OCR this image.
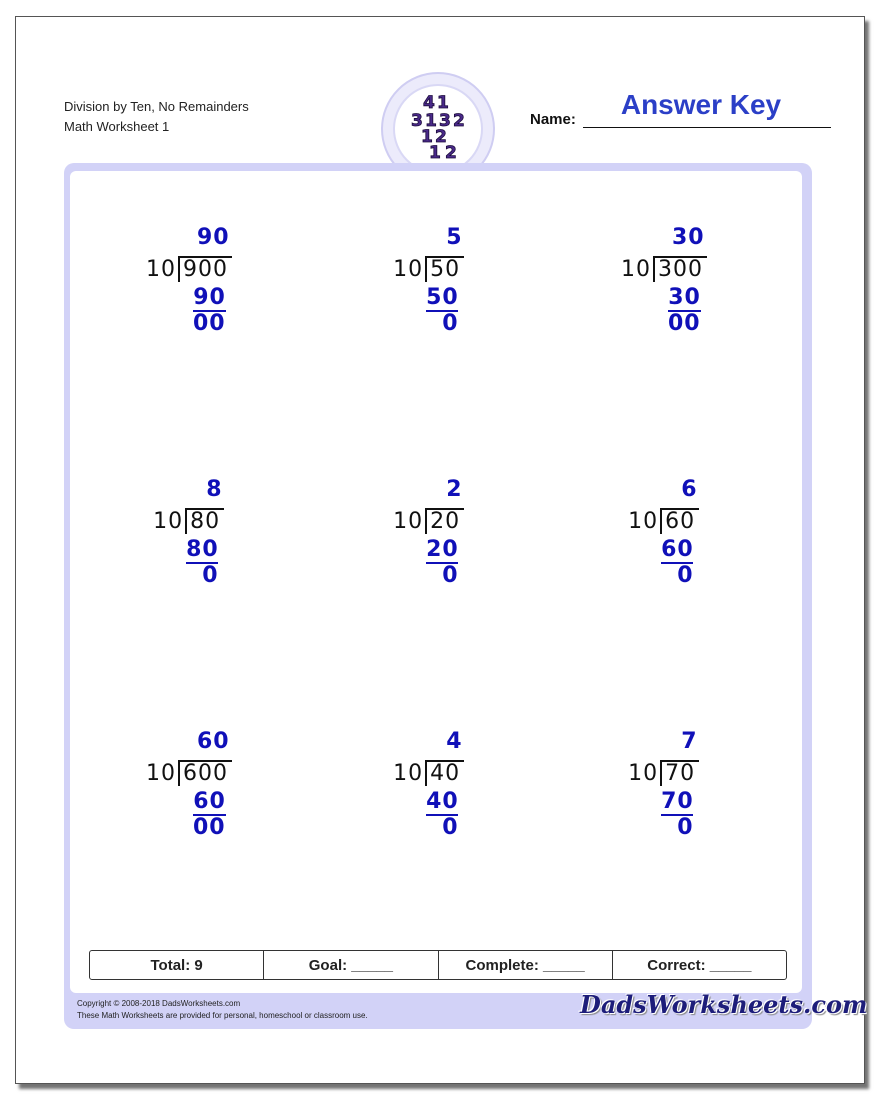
Division by Ten, No Remainders
Math Worksheet 1
4 1
3 1 3 2
1 2
1 2
Answer Key
Name:
90
10 900
90
00
5
10 50
50
0
30
10 300
30
00
8
10 80
80
0
2
10 20
20
0
6
10 60
60
0
60
10 600
60
00
4
10 40
40
0
7
10 70
70
0
Total: 9	Goal: _____	Complete: _____	Correct: _____
Copyright © 2008-2018 DadsWorksheets.com
These Math Worksheets are provided for personal, homeschool or classroom use.	DadsWorksheets.com
